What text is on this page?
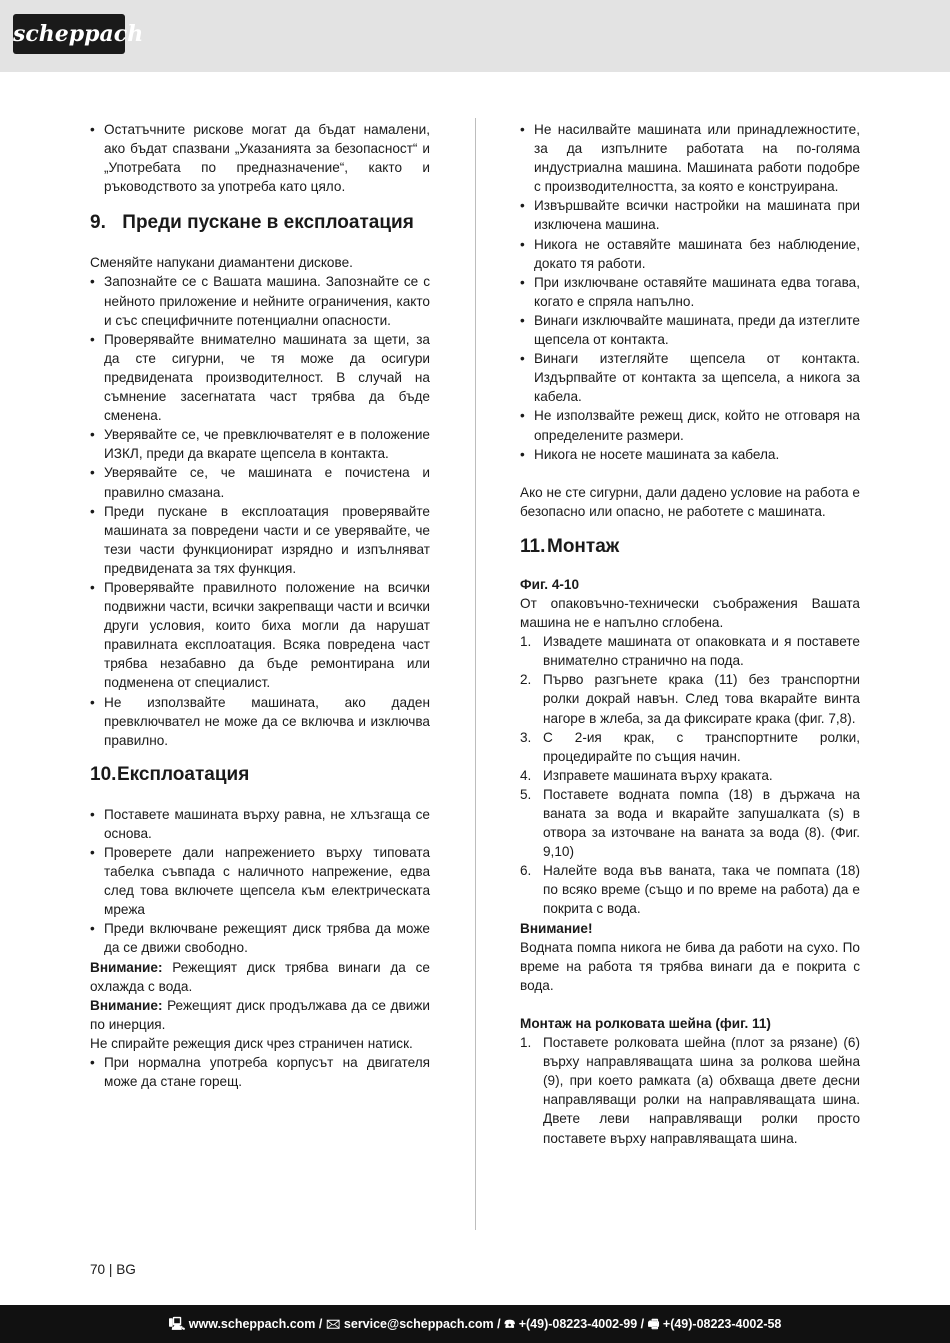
scheppach
• Остатъчните рискове могат да бъдат намалени, ако бъдат спазвани „Указанията за безопасност“ и „Употребата по предназначение“, както и ръководството за употреба като цяло.
9. Преди пускане в експлоатация

Сменяйте напукани диамантени дискове.

• Запознайте се с Вашата машина. Запознайте се с нейното приложение и нейните ограничения, както и със специфичните потенциални опасности.
• Проверявайте внимателно машината за щети, за да сте сигурни, че тя може да осигури предвидената производителност. В случай на съмнение засегнатата част трябва да бъде сменена.
• Уверявайте се, че превключвателят е в положение ИЗКЛ, преди да вкарате щепсела в контакта.
• Уверявайте се, че машината е почистена и правилно смазана.
• Преди пускане в експлоатация проверявайте машината за повредени части и се уверявайте, че тези части функционират изрядно и изпълняват предвидената за тях функция.
• Проверявайте правилното положение на всички подвижни части, всички закрепващи части и всички други условия, които биха могли да нарушат правилната експлоатация. Всяка повредена част трябва незабавно да бъде ремонтирана или подменена от специалист.
• Не използвайте машината, ако даден превключвател не може да се включва и изключва правилно.
10.Експлоатация
• Поставете машината върху равна, не хлъзгаща се основа.
• Проверете дали напрежението върху типовата табелка съвпада с наличното напрежение, едва след това включете щепсела към електрическата мрежа
• Преди включване режещият диск трябва да може да се движи свободно.

Внимание: Режещият диск трябва винаги да се охлажда с вода.

Внимание: Режещият диск продължава да се движи по инерция.

Не спирайте режещия диск чрез страничен натиск.

• При нормална употреба корпусът на двигателя може да стане горещ.
• Не насилвайте машината или принадлежностите, за да изпълните работата на по-голяма индустриална машина. Машината работи подобре с производителността, за която е конструирана.
• Извършвайте всички настройки на машината при изключена машина.
• Никога не оставяйте машината без наблюдение, докато тя работи.
• При изключване оставяйте машината едва тогава, когато е спряла напълно.
• Винаги изключвайте машината, преди да изтеглите щепсела от контакта.
• Винаги изтегляйте щепсела от контакта. Издърпвайте от контакта за щепсела, а никога за кабела.
• Не използвайте режещ диск, който не отговаря на определените размери.
• Никога не носете машината за кабела.

Ако не сте сигурни, дали дадено условие на работа е безопасно или опасно, не работете с машината.

11.Монтаж

Фиг. 4-10

От опаковъчно-технически съображения Вашата машина не е напълно сглобена.

1. Извадете машината от опаковката и я поставете внимателно странично на пода.
2. Първо разгънете крака (11) без транспортни ролки докрай навън. След това вкарайте винта нагоре в жлеба, за да фиксирате крака (фиг. 7,8).
3. С 2-ия крак, с транспортните ролки, процедирайте по същия начин.
4. Изправете машината върху краката.
5. Поставете водната помпа (18) в държача на ваната за вода и вкарайте запушалката (s) в отвора за източване на ваната за вода (8). (Фиг. 9,10)
6. Налейте вода във ваната, така че помпата (18) по всяко време (също и по време на работа) да е покрита с вода.

Внимание!

Водната помпа никога не бива да работи на сухо. По време на работа тя трябва винаги да е покрита с вода.

Монтаж на ролковата шейна (фиг. 11)

1. Поставете ролковата шейна (плот за рязане) (6) върху направляващата шина за ролкова шейна (9), при което рамката (a) обхваща двете десни направляващи ролки на направляващата шина. Двете леви направляващи ролки просто поставете върху направляващата шина.
70 | BG
🖳 www.scheppach.com / 🖂 service@scheppach.com / ☎ +(49)-08223-4002-99 / 🖷 +(49)-08223-4002-58
